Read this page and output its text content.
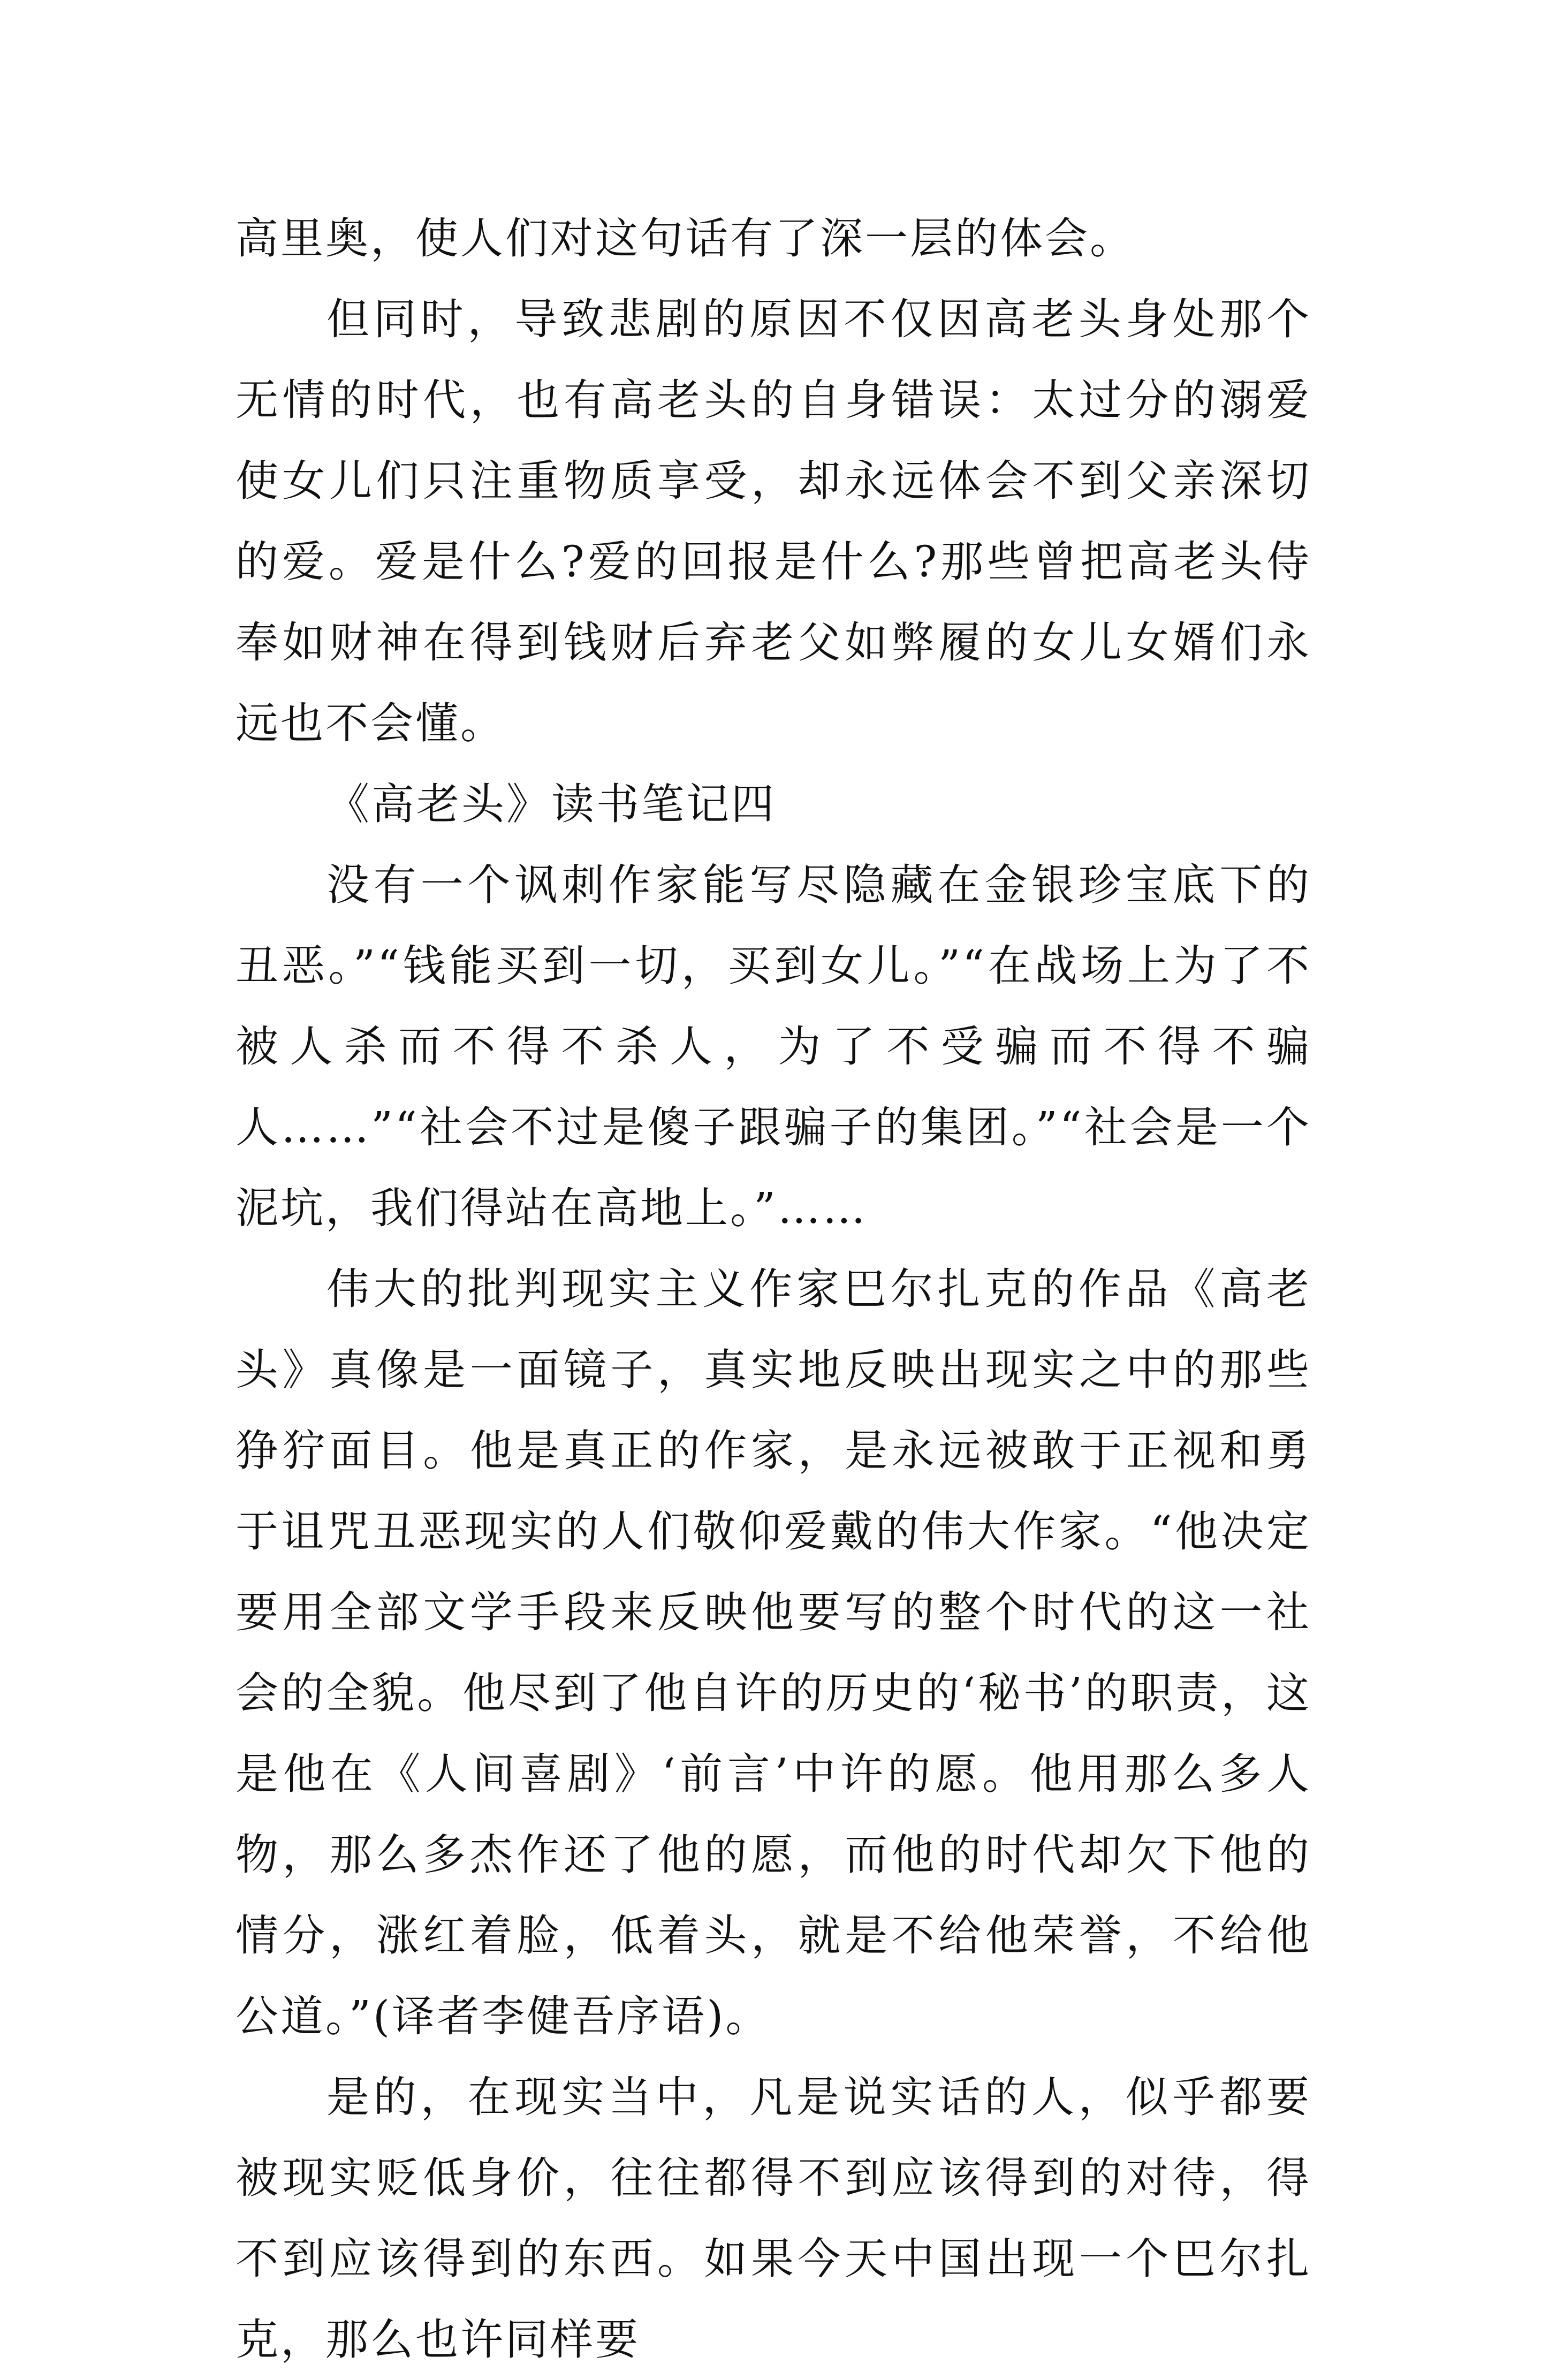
高里奥，使人们对这句话有了深一层的体会。

但同时，导致悲剧的原因不仅因高老头身处那个无情的时代，也有高老头的自身错误：太过分的溺爱使女儿们只注重物质享受，却永远体会不到父亲深切的爱。爱是什么?爱的回报是什么?那些曾把高老头侍奉如财神在得到钱财后弃老父如弊履的女儿女婿们永远也不会懂。

《高老头》读书笔记四

没有一个讽刺作家能写尽隐藏在金银珍宝底下的丑恶。”“钱能买到一切，买到女儿。”“在战场上为了不被人杀而不得不杀人，为了不受骗而不得不骗人……”“社会不过是傻子跟骗子的集团。”“社会是一个泥坑，我们得站在高地上。”……

伟大的批判现实主义作家巴尔扎克的作品《高老头》真像是一面镜子，真实地反映出现实之中的那些狰狞面目。他是真正的作家，是永远被敢于正视和勇于诅咒丑恶现实的人们敬仰爱戴的伟大作家。“他决定要用全部文学手段来反映他要写的整个时代的这一社会的全貌。他尽到了他自许的历史的‘秘书’的职责，这是他在《人间喜剧》‘前言’中许的愿。他用那么多人物，那么多杰作还了他的愿，而他的时代却欠下他的情分，涨红着脸，低着头，就是不给他荣誉，不给他公道。”(译者李健吾序语)。

是的，在现实当中，凡是说实话的人，似乎都要被现实贬低身价，往往都得不到应该得到的对待，得不到应该得到的东西。如果今天中国出现一个巴尔扎克，那么也许同样要
